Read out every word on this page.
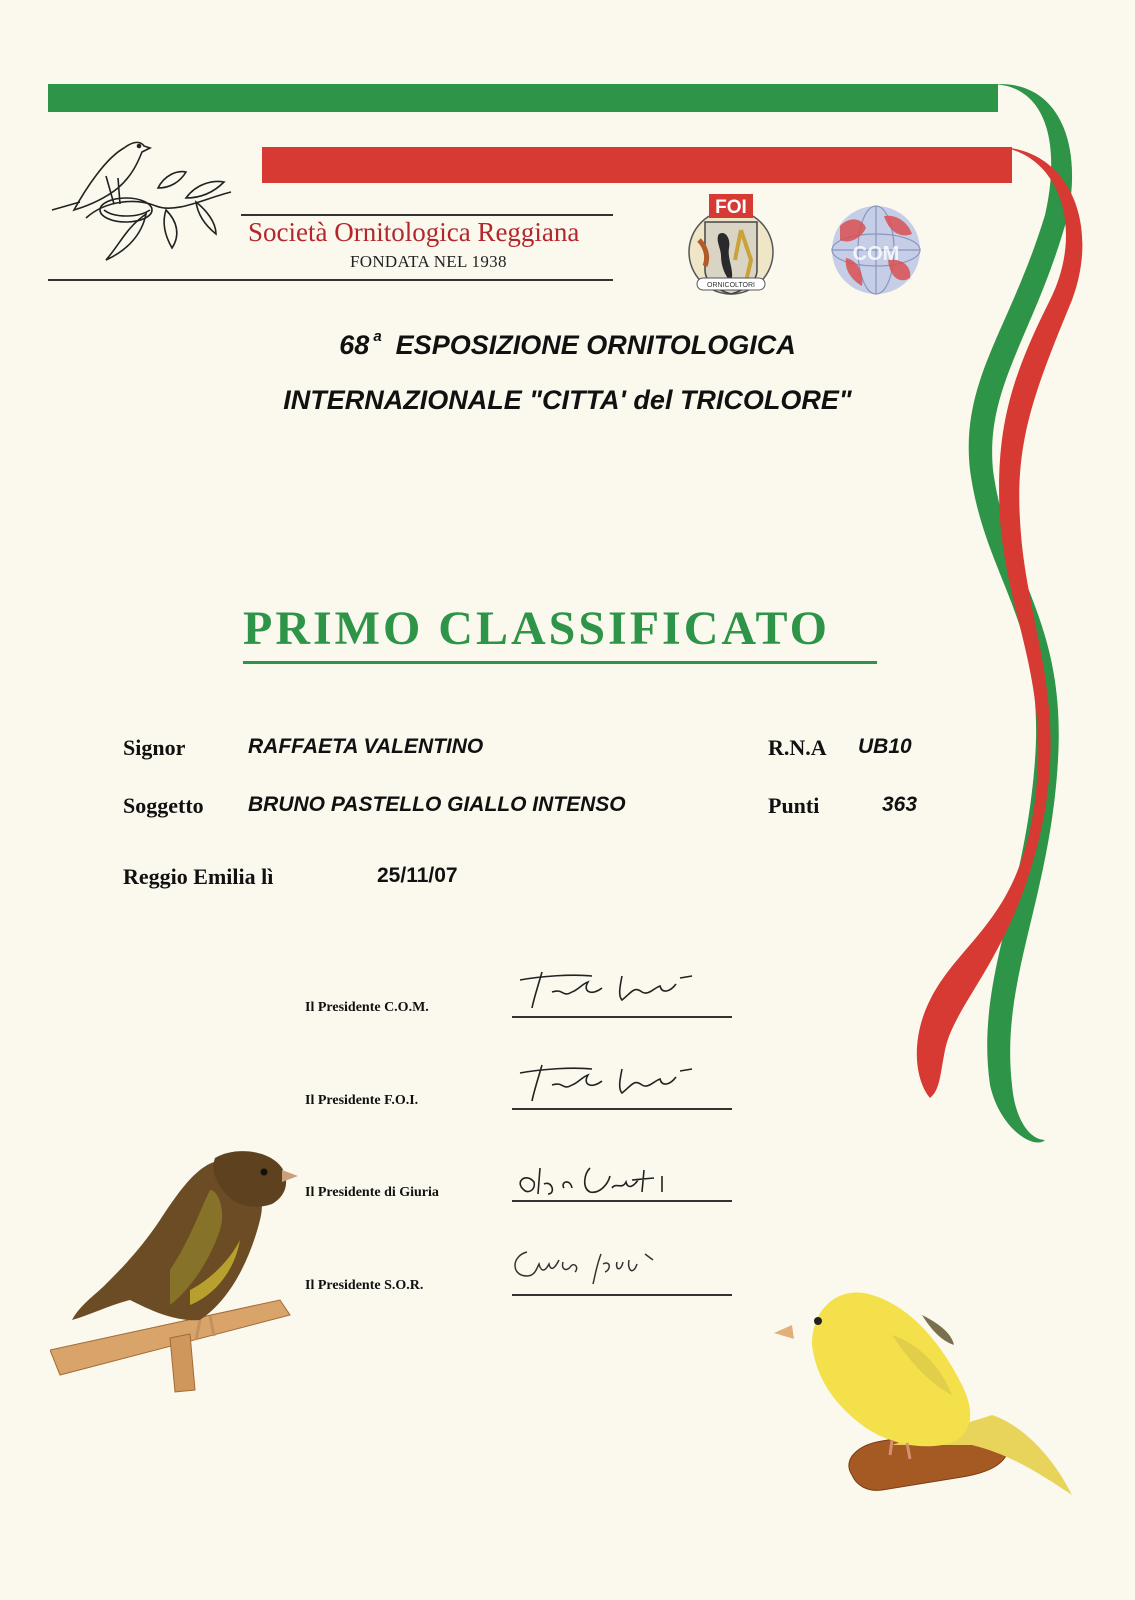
Società Ornitologica Reggiana
FONDATA NEL 1938
FOI
ORNICOLTORI
COM
68 $^a$ ESPOSIZIONE ORNITOLOGICA
INTERNAZIONALE "CITTA' del TRICOLORE"
PRIMO CLASSIFICATO
Signor	RAFFAETA VALENTINO	R.N.A UB10
Soggetto BRUNO PASTELLO GIALLO INTENSO	Punti	363
Reggio Emilia lì	25/11/07
Il Presidente C.O.M.
Il Presidente F.O.I.
Il Presidente di Giuria
Il Presidente S.O.R.
